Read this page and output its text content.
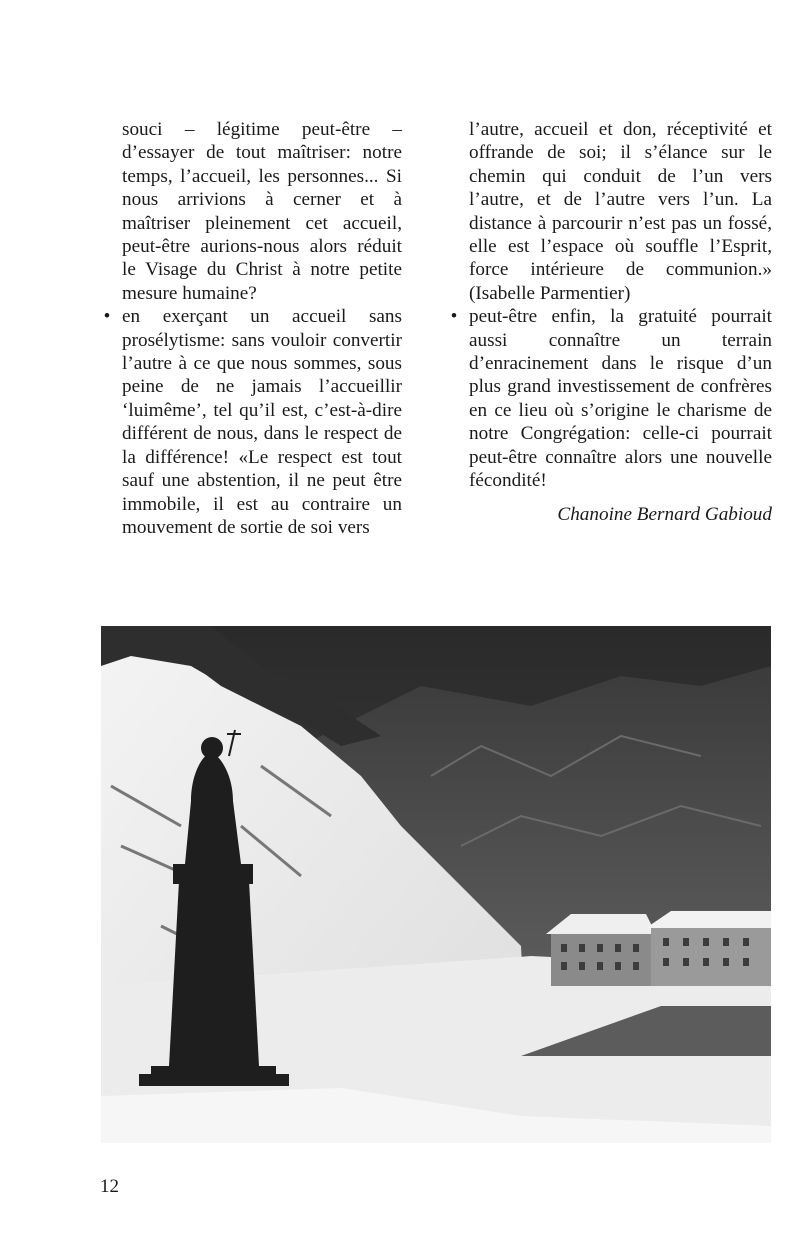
souci – légitime peut-être – d’essayer de tout maîtriser: notre temps, l’accueil, les personnes... Si nous arrivions à cerner et à maîtriser pleinement cet accueil, peut-être aurions-nous alors réduit le Visage du Christ à notre petite mesure humaine?

• en exerçant un accueil sans prosélytisme: sans vouloir convertir l’autre à ce que nous sommes, sous peine de ne jamais l’accueillir ‘luimême’, tel qu’il est, c’est-à-dire différent de nous, dans le respect de la différence! «Le respect est tout sauf une abstention, il ne peut être immobile, il est au contraire un mouvement de sortie de soi vers

l’autre, accueil et don, réceptivité et offrande de soi; il s’élance sur le chemin qui conduit de l’un vers l’autre, et de l’autre vers l’un. La distance à parcourir n’est pas un fossé, elle est l’espace où souffle l’Esprit, force intérieure de communion.» (Isabelle Parmentier)

• peut-être enfin, la gratuité pourrait aussi connaître un terrain d’enracinement dans le risque d’un plus grand investissement de confrères en ce lieu où s’origine le charisme de notre Congrégation: celle-ci pourrait peut-être connaître alors une nouvelle fécondité!

Chanoine Bernard Gabioud

12
